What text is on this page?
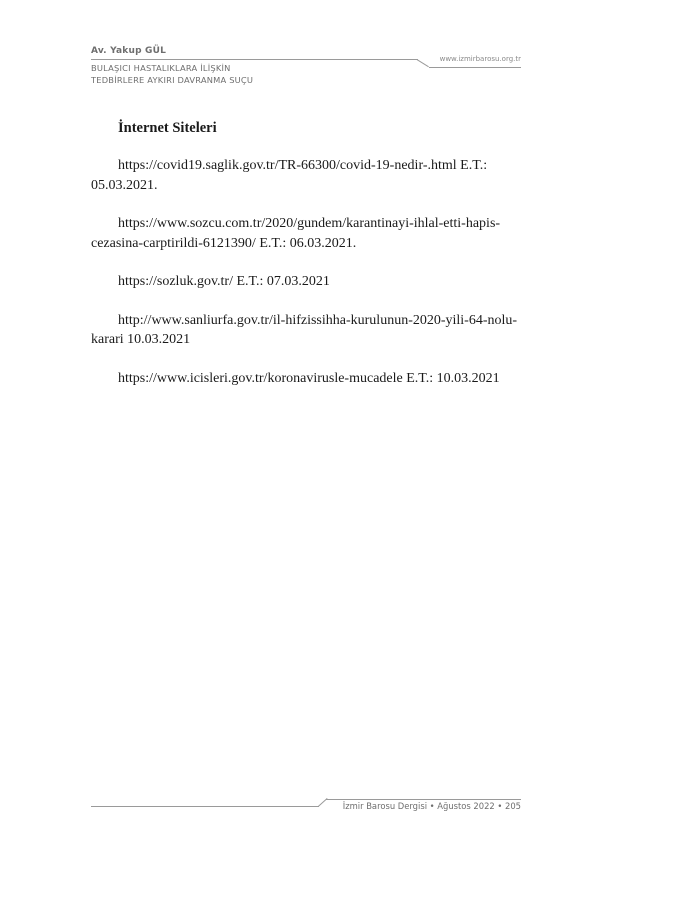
Av. Yakup GÜL
www.izmirbarosu.org.tr
BULAŞICI HASTALIKLARA İLİŞKİN
TEDBİRLERE AYKIRI DAVRANMA SUÇU

İnternet Siteleri

https://covid19.saglik.gov.tr/TR-66300/covid-19-nedir-.html E.T.: 05.03.2021.

https://www.sozcu.com.tr/2020/gundem/karantinayi-ihlal-etti-hapis-cezasina-carptirildi-6121390/ E.T.: 06.03.2021.

https://sozluk.gov.tr/ E.T.: 07.03.2021

http://www.sanliurfa.gov.tr/il-hifzissihha-kurulunun-2020-yili-64-nolu-karari 10.03.2021

https://www.icisleri.gov.tr/koronavirusle-mucadele E.T.: 10.03.2021

İzmir Barosu Dergisi • Ağustos 2022 • 205
